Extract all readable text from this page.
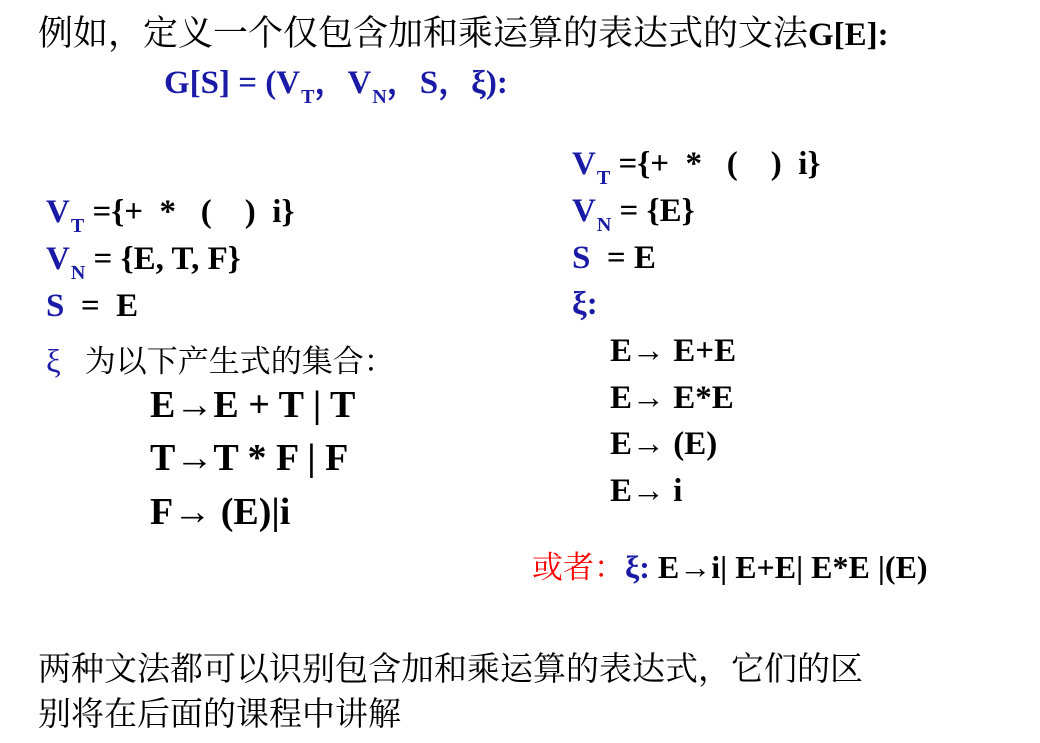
例如，定义一个仅包含加和乘运算的表达式的文法G[E]:
$G[S] = (V_T$，$V_N$，S，ξ):
$V_T$ ={+  *   (    )  i}
$V_N = \{E$, T, F}
S  =  E
ξ 为以下产生式的集合：
E→E + T | T
T→T * F | F
F→ (E)|i
$V_T$ ={+  *   (    )  i}
$V_N = \{E\}$
S  = E
ξ:
E→ E+E
E→ E*E
E→ (E)
E→ i
或者：ξ: E→i| E+E| E*E |(E)
两种文法都可以识别包含加和乘运算的表达式，它们的区
别将在后面的课程中讲解
